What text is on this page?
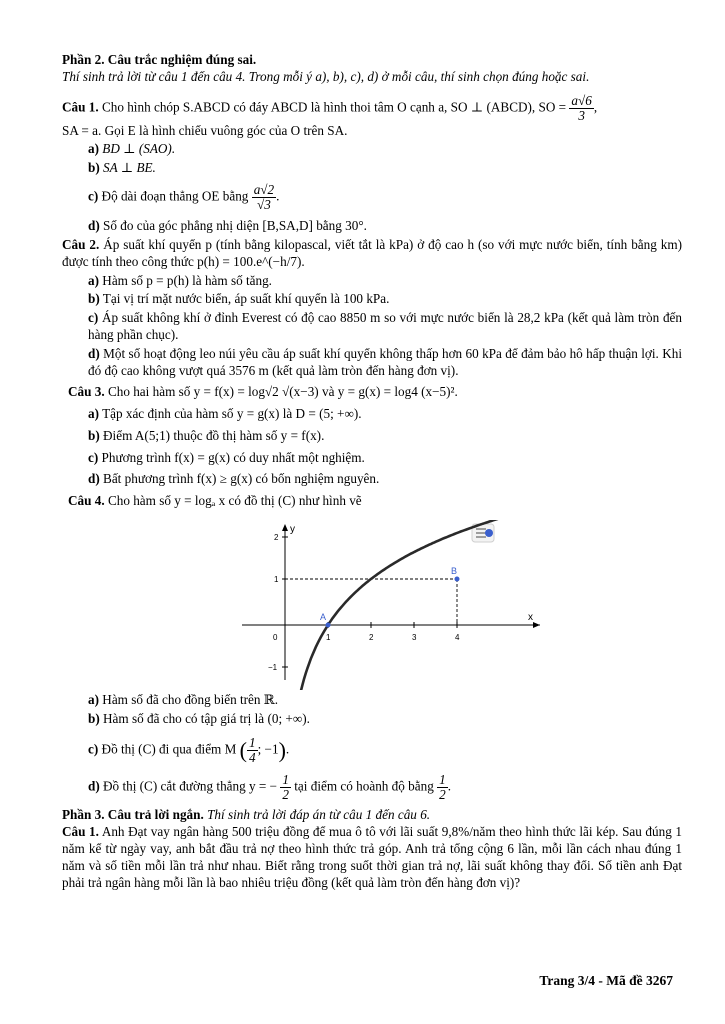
Phần 2. Câu trắc nghiệm đúng sai.

Thí sinh trả lời từ câu 1 đến câu 4. Trong mỗi ý a), b), c), d) ở mỗi câu, thí sinh chọn đúng hoặc sai.

Câu 1. Cho hình chóp S.ABCD có đáy ABCD là hình thoi tâm O cạnh a, SO ⊥ (ABCD), SO = $\frac{a√6}{3}$ ,
SA = a. Gọi E là hình chiếu vuông góc của O trên SA.
a) BD ⊥ (SAO).
b) SA ⊥ BE.
c) Độ dài đoạn thẳng OE bằng $\frac{a√2}{√3}$ .
d) Số đo của góc phẳng nhị diện [B,SA,D] bằng 30°.
Câu 2. Áp suất khí quyển p (tính bằng kilopascal, viết tắt là kPa) ở độ cao h (so với mực nước biển, tính bằng km) được tính theo công thức p(h) = 100.e^(−h/7).
a) Hàm số p = p(h) là hàm số tăng.
b) Tại vị trí mặt nước biển, áp suất khí quyển là 100 kPa.
c) Áp suất không khí ở đỉnh Everest có độ cao 8850 m so với mực nước biển là 28,2 kPa (kết quả làm tròn đến hàng phần chục).
d) Một số hoạt động leo núi yêu cầu áp suất khí quyển không thấp hơn 60 kPa để đảm bảo hô hấp thuận lợi. Khi đó độ cao không vượt quá 3576 m (kết quả làm tròn đến hàng đơn vị).
Câu 3. Cho hai hàm số y = f(x) = log√2 √(x−3) và y = g(x) = log4 (x−5)².
a) Tập xác định của hàm số y = g(x) là D = (5; +∞).
b) Điểm A(5;1) thuộc đồ thị hàm số y = f(x).
c) Phương trình f(x) = g(x) có duy nhất một nghiệm.
d) Bất phương trình f(x) ≥ g(x) có bốn nghiệm nguyên.
Câu 4. Cho hàm số y = logₐ x có đồ thị (C) như hình vẽ
0	1	2	3	4
2
1
−1
x
y
A
B
a) Hàm số đã cho đồng biến trên ℝ.
b) Hàm số đã cho có tập giá trị là (0; +∞).
c) Đồ thị (C) đi qua điểm M ( $\frac{1}{4}$ ; −1).
d) Đồ thị (C) cắt đường thẳng y = − $\frac{1}{2}$ tại điểm có hoành độ bằng $\frac{1}{2}$ .
Phần 3. Câu trả lời ngắn. Thí sinh trả lời đáp án từ câu 1 đến câu 6.
Câu 1. Anh Đạt vay ngân hàng 500 triệu đồng để mua ô tô với lãi suất 9,8%/năm theo hình thức lãi kép. Sau đúng 1 năm kể từ ngày vay, anh bắt đầu trả nợ theo hình thức trả góp. Anh trả tổng cộng 6 lần, mỗi lần cách nhau đúng 1 năm và số tiền mỗi lần trả như nhau. Biết rằng trong suốt thời gian trả nợ, lãi suất không thay đổi. Số tiền anh Đạt phải trả ngân hàng mỗi lần là bao nhiêu triệu đồng (kết quả làm tròn đến hàng đơn vị)?
Trang 3/4 - Mã đề 3267
